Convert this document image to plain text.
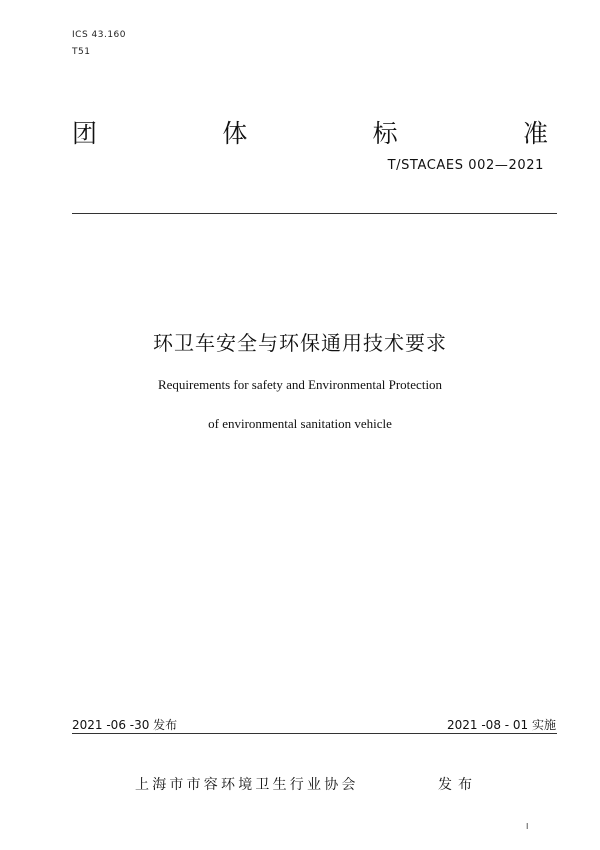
ICS 43.160
T51
团	体	标	准
T/STACAES 002—2021
环卫车安全与环保通用技术要求
Requirements for safety and Environmental Protection
of environmental sanitation vehicle
2021 -06 -30 发布	2021 -08 - 01 实施
上海市市容环境卫生行业协会	发布
I
